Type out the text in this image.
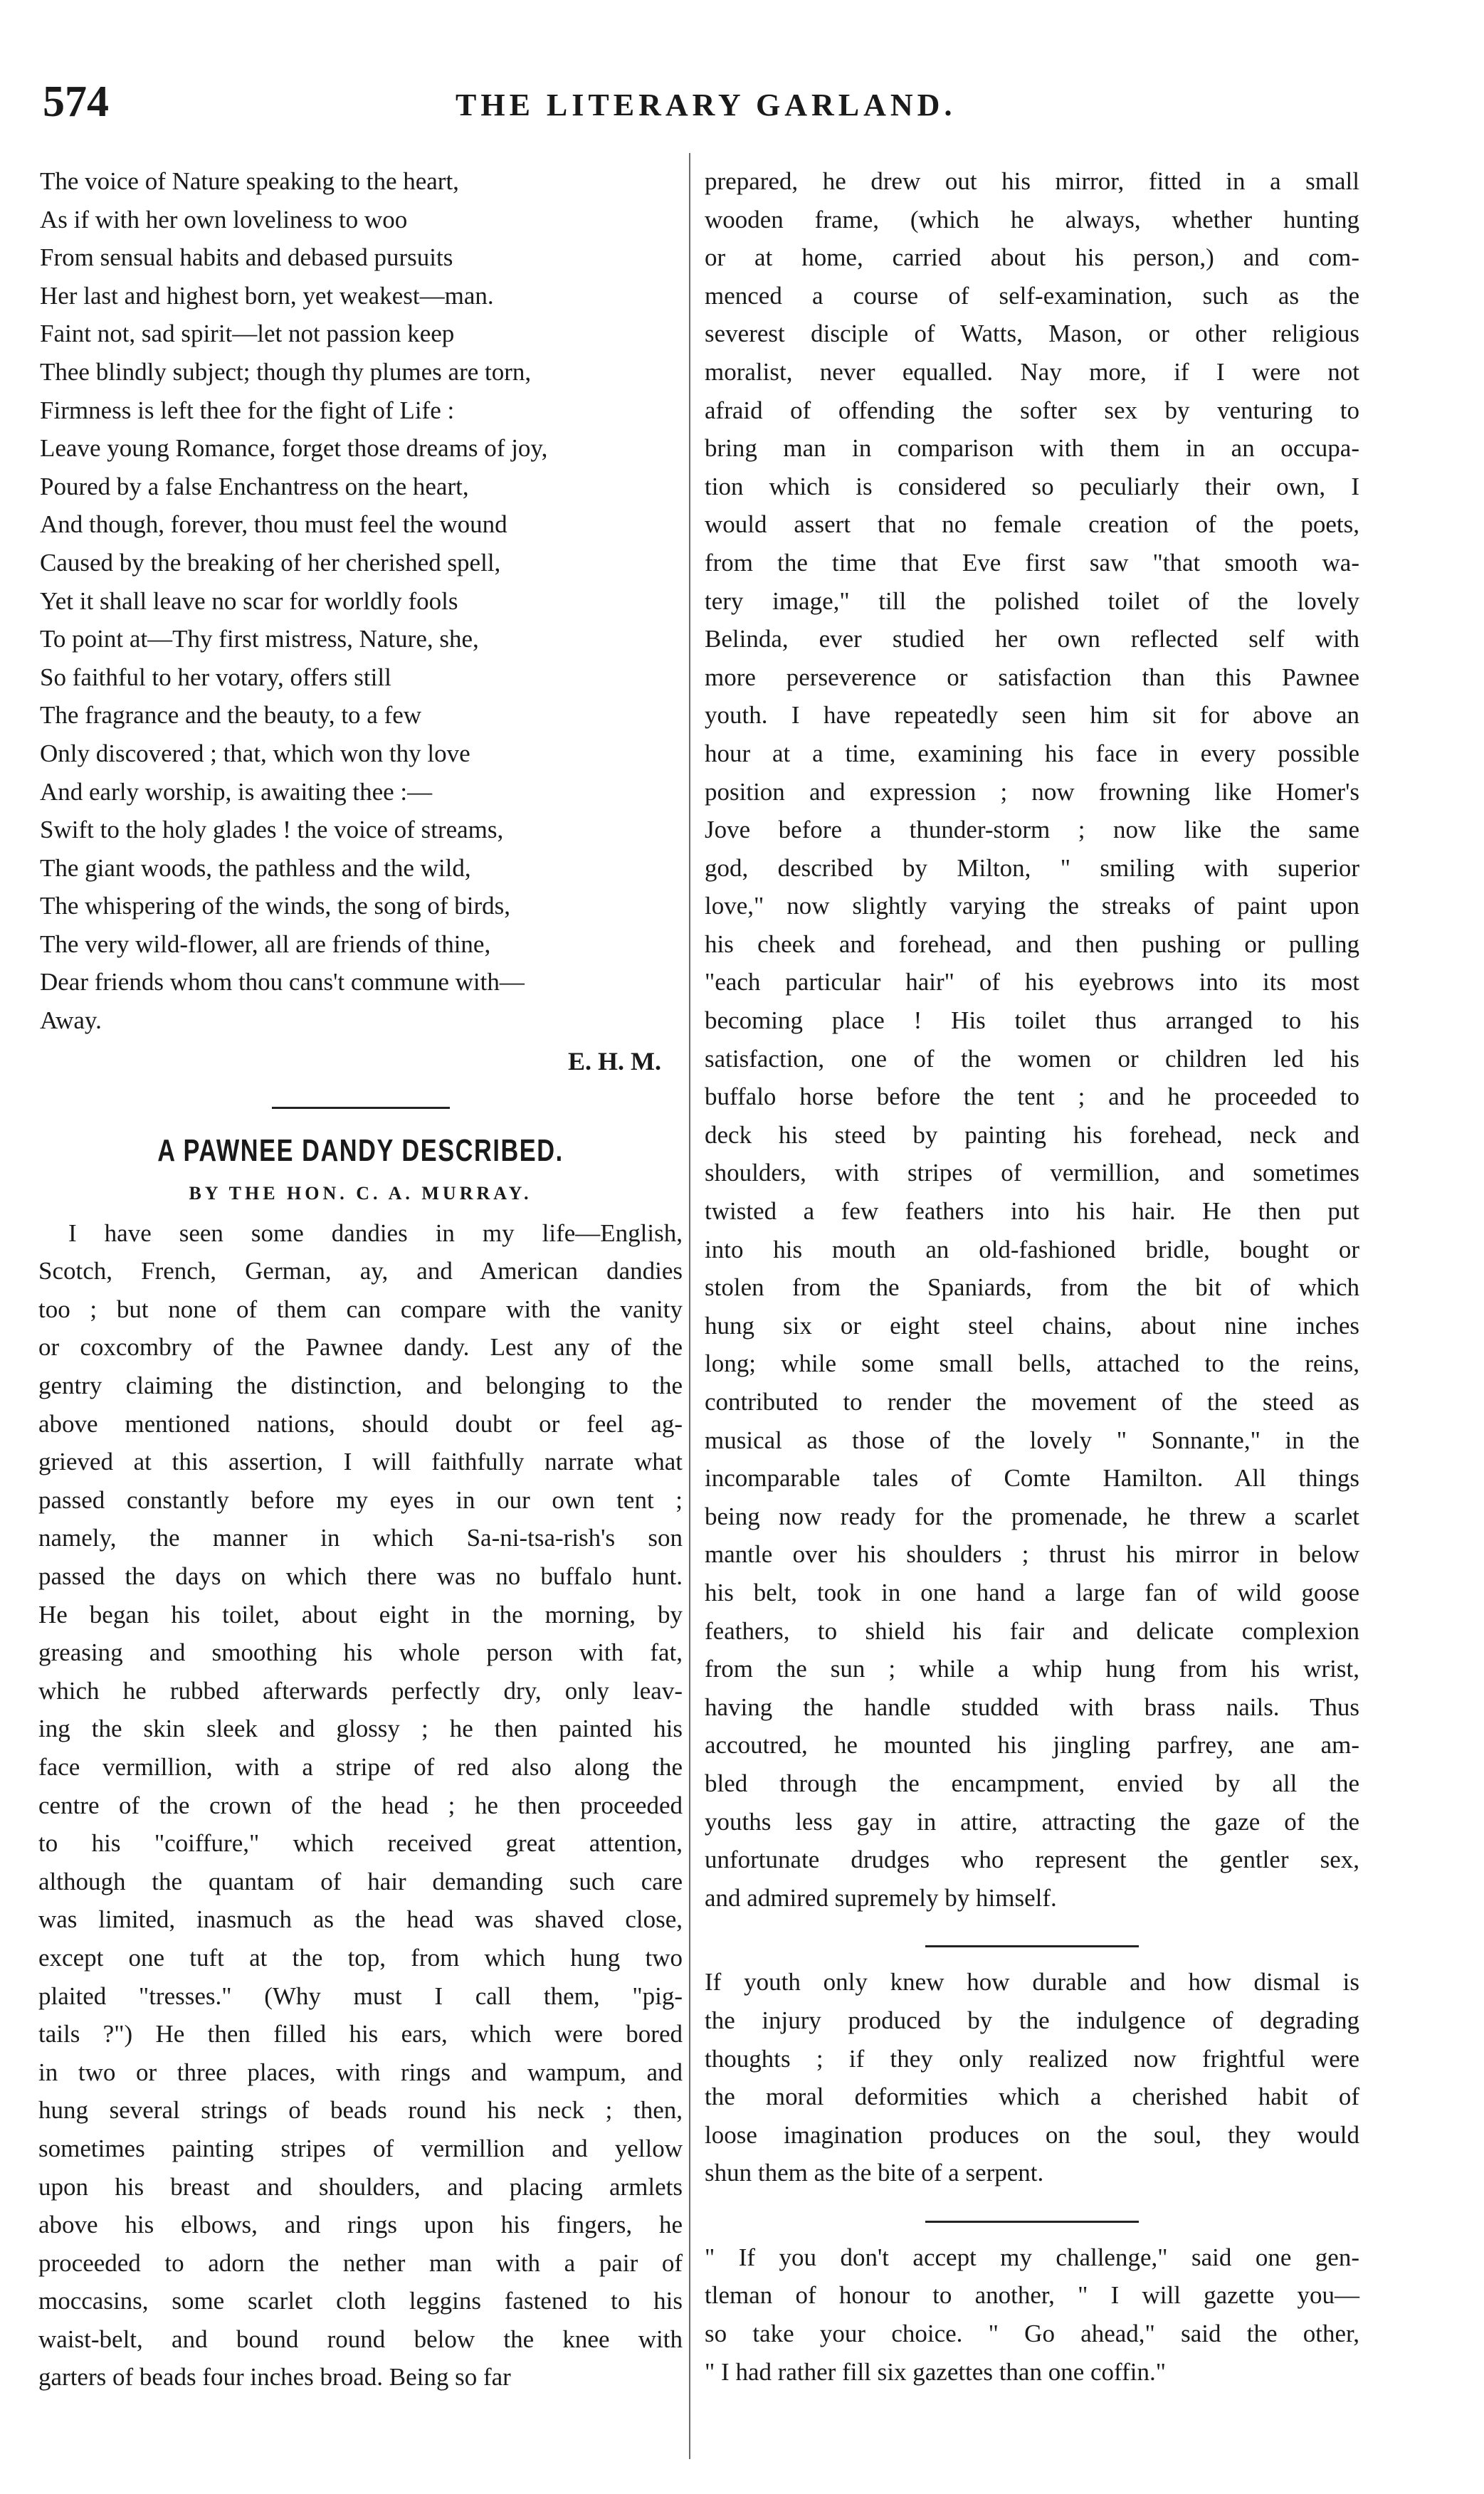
574	THE LITERARY GARLAND.
The voice of Nature speaking to the heart,
As if with her own loveliness to woo
From sensual habits and debased pursuits
Her last and highest born, yet weakest—man.
Faint not, sad spirit—let not passion keep
Thee blindly subject; though thy plumes are torn,
Firmness is left thee for the fight of Life :
Leave young Romance, forget those dreams of joy,
Poured by a false Enchantress on the heart,
And though, forever, thou must feel the wound
Caused by the breaking of her cherished spell,
Yet it shall leave no scar for worldly fools
To point at—Thy first mistress, Nature, she,
So faithful to her votary, offers still
The fragrance and the beauty, to a few
Only discovered ; that, which won thy love
And early worship, is awaiting thee :—
Swift to the holy glades ! the voice of streams,
The giant woods, the pathless and the wild,
The whispering of the winds, the song of birds,
The very wild-flower, all are friends of thine,
Dear friends whom thou cans't commune with—
Away.
E. H. M.
A PAWNEE DANDY DESCRIBED.
BY THE HON. C. A. MURRAY.
I have seen some dandies in my life—English,
Scotch, French, German, ay, and American dandies
too ; but none of them can compare with the vanity
or coxcombry of the Pawnee dandy. Lest any of the
gentry claiming the distinction, and belonging to the
above mentioned nations, should doubt or feel ag-
grieved at this assertion, I will faithfully narrate what
passed constantly before my eyes in our own tent ;
namely, the manner in which Sa-ni-tsa-rish's son
passed the days on which there was no buffalo hunt.
He began his toilet, about eight in the morning, by
greasing and smoothing his whole person with fat,
which he rubbed afterwards perfectly dry, only leav-
ing the skin sleek and glossy ; he then painted his
face vermillion, with a stripe of red also along the
centre of the crown of the head ; he then proceeded
to his "coiffure," which received great attention,
although the quantam of hair demanding such care
was limited, inasmuch as the head was shaved close,
except one tuft at the top, from which hung two
plaited "tresses." (Why must I call them, "pig-
tails ?") He then filled his ears, which were bored
in two or three places, with rings and wampum, and
hung several strings of beads round his neck ; then,
sometimes painting stripes of vermillion and yellow
upon his breast and shoulders, and placing armlets
above his elbows, and rings upon his fingers, he
proceeded to adorn the nether man with a pair of
moccasins, some scarlet cloth leggins fastened to his
waist-belt, and bound round below the knee with
garters of beads four inches broad. Being so far
prepared, he drew out his mirror, fitted in a small
wooden frame, (which he always, whether hunting
or at home, carried about his person,) and com-
menced a course of self-examination, such as the
severest disciple of Watts, Mason, or other religious
moralist, never equalled. Nay more, if I were not
afraid of offending the softer sex by venturing to
bring man in comparison with them in an occupa-
tion which is considered so peculiarly their own, I
would assert that no female creation of the poets,
from the time that Eve first saw "that smooth wa-
tery image," till the polished toilet of the lovely
Belinda, ever studied her own reflected self with
more perseverence or satisfaction than this Pawnee
youth. I have repeatedly seen him sit for above an
hour at a time, examining his face in every possible
position and expression ; now frowning like Homer's
Jove before a thunder-storm ; now like the same
god, described by Milton, " smiling with superior
love," now slightly varying the streaks of paint upon
his cheek and forehead, and then pushing or pulling
"each particular hair" of his eyebrows into its most
becoming place ! His toilet thus arranged to his
satisfaction, one of the women or children led his
buffalo horse before the tent ; and he proceeded to
deck his steed by painting his forehead, neck and
shoulders, with stripes of vermillion, and sometimes
twisted a few feathers into his hair. He then put
into his mouth an old-fashioned bridle, bought or
stolen from the Spaniards, from the bit of which
hung six or eight steel chains, about nine inches
long; while some small bells, attached to the reins,
contributed to render the movement of the steed as
musical as those of the lovely " Sonnante," in the
incomparable tales of Comte Hamilton. All things
being now ready for the promenade, he threw a scarlet
mantle over his shoulders ; thrust his mirror in below
his belt, took in one hand a large fan of wild goose
feathers, to shield his fair and delicate complexion
from the sun ; while a whip hung from his wrist,
having the handle studded with brass nails. Thus
accoutred, he mounted his jingling parfrey, ane am-
bled through the encampment, envied by all the
youths less gay in attire, attracting the gaze of the
unfortunate drudges who represent the gentler sex,
and admired supremely by himself.
If youth only knew how durable and how dismal is
the injury produced by the indulgence of degrading
thoughts ; if they only realized now frightful were
the moral deformities which a cherished habit of
loose imagination produces on the soul, they would
shun them as the bite of a serpent.
" If you don't accept my challenge," said one gen-
tleman of honour to another, " I will gazette you—
so take your choice. " Go ahead," said the other,
" I had rather fill six gazettes than one coffin."
